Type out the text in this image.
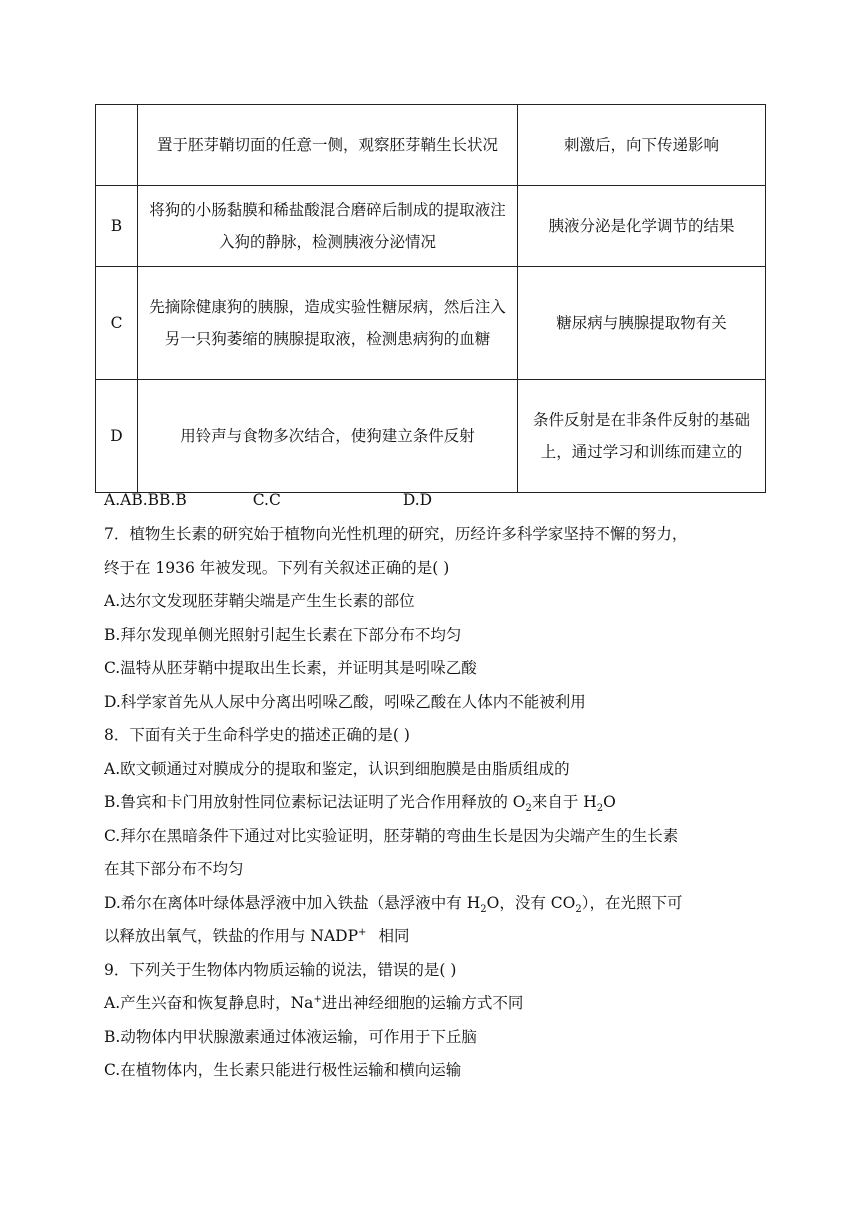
	置于胚芽鞘切面的任意一侧，观察胚芽鞘生长状况	刺激后，向下传递影响
B	将狗的小肠黏膜和稀盐酸混合磨碎后制成的提取液注入狗的静脉，检测胰液分泌情况	胰液分泌是化学调节的结果
C	先摘除健康狗的胰腺，造成实验性糖尿病，然后注入另一只狗萎缩的胰腺提取液，检测患病狗的血糖	糖尿病与胰腺提取物有关
D	用铃声与食物多次结合，使狗建立条件反射	条件反射是在非条件反射的基础上，通过学习和训练而建立的
A.AB.BB.B	C.C	D.D
7．植物生长素的研究始于植物向光性机理的研究，历经许多科学家坚持不懈的努力，
终于在 1936 年被发现。下列有关叙述正确的是( )
A.达尔文发现胚芽鞘尖端是产生生长素的部位
B.拜尔发现单侧光照射引起生长素在下部分布不均匀
C.温特从胚芽鞘中提取出生长素，并证明其是吲哚乙酸
D.科学家首先从人尿中分离出吲哚乙酸，吲哚乙酸在人体内不能被利用
8．下面有关于生命科学史的描述正确的是( )
A.欧文顿通过对膜成分的提取和鉴定，认识到细胞膜是由脂质组成的
B.鲁宾和卡门用放射性同位素标记法证明了光合作用释放的 $O_2$来自于 $H_2O$
C.拜尔在黑暗条件下通过对比实验证明，胚芽鞘的弯曲生长是因为尖端产生的生长素
在其下部分布不均匀
D.希尔在离体叶绿体悬浮液中加入铁盐（悬浮液中有 $H_2O$，没有 $CO_2$），在光照下可
以释放出氧气，铁盐的作用与 NADP+ 相同
9．下列关于生物体内物质运输的说法，错误的是( )
A.产生兴奋和恢复静息时，Na+进出神经细胞的运输方式不同
B.动物体内甲状腺激素通过体液运输，可作用于下丘脑
C.在植物体内，生长素只能进行极性运输和横向运输
